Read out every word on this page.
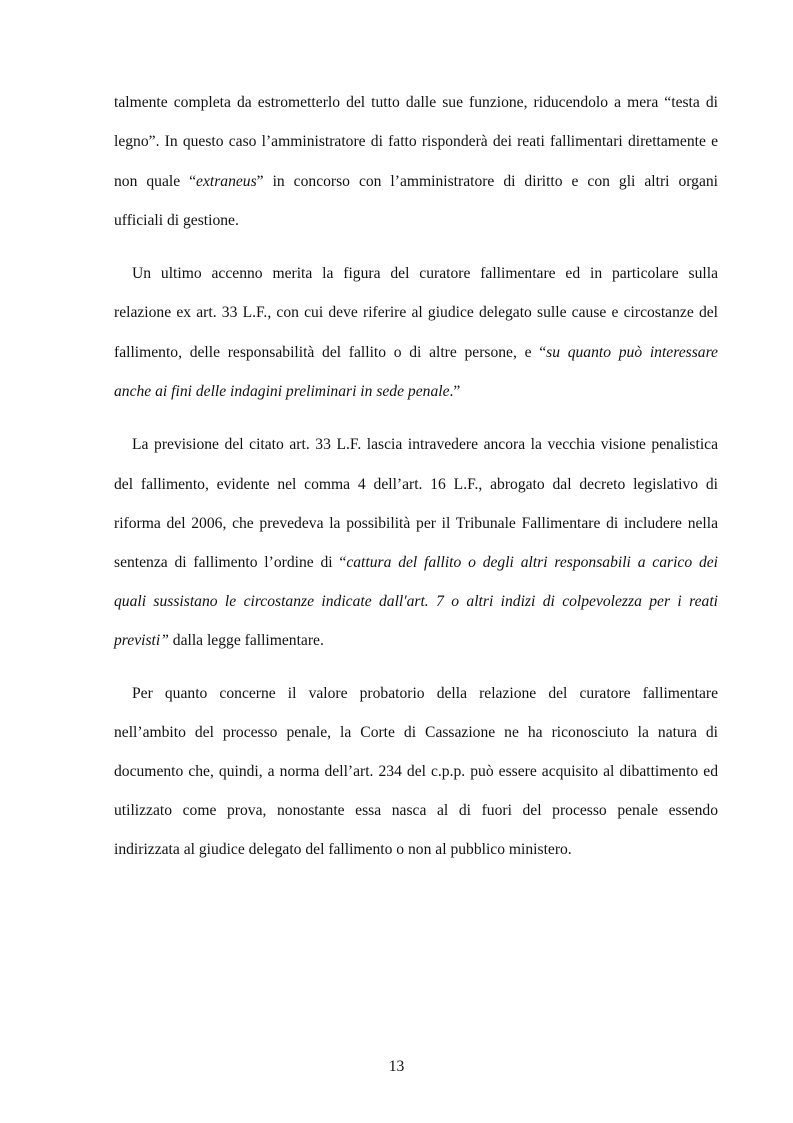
talmente completa da estrometterlo del tutto dalle sue funzione, riducendolo a mera “testa di
legno”. In questo caso l’amministratore di fatto risponderà dei reati fallimentari direttamente e
non quale “extraneus” in concorso con l’amministratore di diritto e con gli altri organi
ufficiali di gestione.
Un ultimo accenno merita la figura del curatore fallimentare ed in particolare sulla
relazione ex art. 33 L.F., con cui deve riferire al giudice delegato sulle cause e circostanze del
fallimento, delle responsabilità del fallito o di altre persone, e “su quanto può interessare
anche ai fini delle indagini preliminari in sede penale.”
La previsione del citato art. 33 L.F. lascia intravedere ancora la vecchia visione penalistica
del fallimento, evidente nel comma 4 dell’art. 16 L.F., abrogato dal decreto legislativo di
riforma del 2006, che prevedeva la possibilità per il Tribunale Fallimentare di includere nella
sentenza di fallimento l’ordine di “cattura del fallito o degli altri responsabili a carico dei
quali sussistano le circostanze indicate dall'art. 7 o altri indizi di colpevolezza per i reati
previsti” dalla legge fallimentare.
Per quanto concerne il valore probatorio della relazione del curatore fallimentare
nell’ambito del processo penale, la Corte di Cassazione ne ha riconosciuto la natura di
documento che, quindi, a norma dell’art. 234 del c.p.p. può essere acquisito al dibattimento ed
utilizzato come prova, nonostante essa nasca al di fuori del processo penale essendo
indirizzata al giudice delegato del fallimento o non al pubblico ministero.
13
